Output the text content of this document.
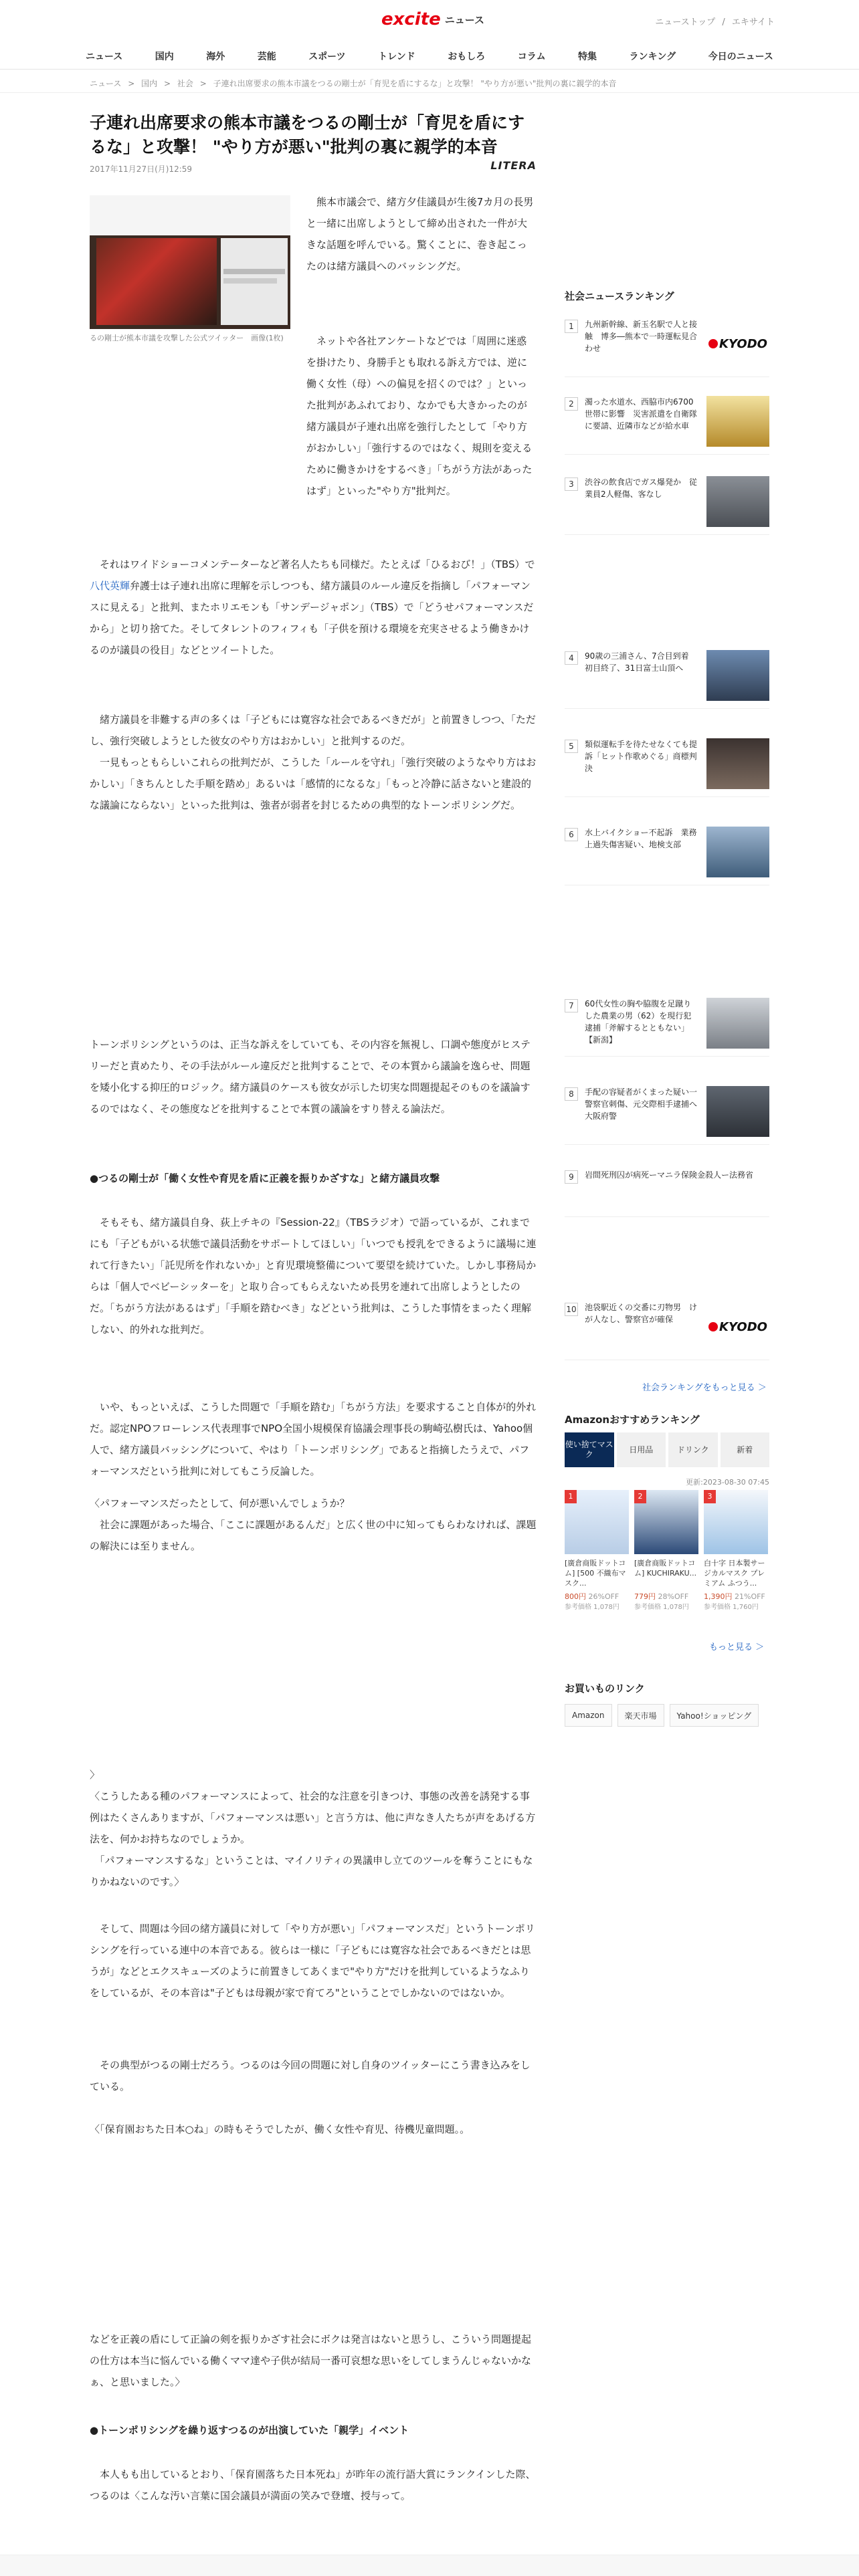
excite ニュース	ニューストップ / エキサイト
ニュース	国内	海外	芸能	スポーツ	トレンド	おもしろ	コラム	特集	ランキング	今日のニュース
ニュース > 国内 > 社会 > 子連れ出席要求の熊本市議をつるの剛士が「育児を盾にするな」と攻撃！ "やり方が悪い"批判の裏に親学的本音
子連れ出席要求の熊本市議をつるの剛士が「育児を盾にするな」と攻撃！ "やり方が悪い"批判の裏に親学的本音
2017年11月27日(月)12:59	LITERA
るの剛士が熊本市議を攻撃した公式ツイッター　画像(1枚)

　熊本市議会で、緒方夕佳議員が生後7カ月の長男と一緒に出席しようとして締め出された一件が大きな話題を呼んでいる。驚くことに、巻き起こったのは緒方議員へのバッシングだ。

　ネットや各社アンケートなどでは「周囲に迷惑を掛けたり、身勝手とも取れる訴え方では、逆に働く女性（母）への偏見を招くのでは？」といった批判があふれており、なかでも大きかったのが緒方議員が子連れ出席を強行したとして「やり方がおかしい」「強行するのではなく、規則を変えるために働きかけをするべき」「ちがう方法があったはず」といった"やり方"批判だ。

　それはワイドショーコメンテーターなど著名人たちも同様だ。たとえば「ひるおび！」（TBS）で八代英輝弁護士は子連れ出席に理解を示しつつも、緒方議員のルール違反を指摘し「パフォーマンスに見える」と批判、またホリエモンも「サンデージャポン」（TBS）で「どうせパフォーマンスだから」と切り捨てた。そしてタレントのフィフィも「子供を預ける環境を充実させるよう働きかけるのが議員の役目」などとツイートした。

　緒方議員を非難する声の多くは「子どもには寛容な社会であるべきだが」と前置きしつつ、「ただし、強行突破しようとした彼女のやり方はおかしい」と批判するのだ。
　一見もっともらしいこれらの批判だが、こうした「ルールを守れ」「強行突破のようなやり方はおかしい」「きちんとした手順を踏め」あるいは「感情的になるな」「もっと冷静に話さないと建設的な議論にならない」といった批判は、強者が弱者を封じるための典型的なトーンポリシングだ。

トーンポリシングというのは、正当な訴えをしていても、その内容を無視し、口調や態度がヒステリーだと責めたり、その手法がルール違反だと批判することで、その本質から議論を逸らせ、問題を矮小化する抑圧的ロジック。緒方議員のケースも彼女が示した切実な問題提起そのものを議論するのではなく、その態度などを批判することで本質の議論をすり替える論法だ。

●つるの剛士が「働く女性や育児を盾に正義を振りかざすな」と緒方議員攻撃

　そもそも、緒方議員自身、荻上チキの『Session-22』（TBSラジオ）で語っているが、これまでにも「子どもがいる状態で議員活動をサポートしてほしい」「いつでも授乳をできるように議場に連れて行きたい」「託児所を作れないか」と育児環境整備について要望を続けていた。しかし事務局からは「個人でベビーシッターを」と取り合ってもらえないため長男を連れて出席しようとしたのだ。「ちがう方法があるはず」「手順を踏むべき」などという批判は、こうした事情をまったく理解しない、的外れな批判だ。

　いや、もっといえば、こうした問題で「手順を踏む」「ちがう方法」を要求すること自体が的外れだ。認定NPOフローレンス代表理事でNPO全国小規模保育協議会理事長の駒崎弘樹氏は、Yahoo個人で、緒方議員バッシングについて、やはり「トーンポリシング」であると指摘したうえで、パフォーマンスだという批判に対してもこう反論した。

〈パフォーマンスだったとして、何が悪いんでしょうか？
　社会に課題があった場合、「ここに課題があるんだ」と広く世の中に知ってもらわなければ、課題の解決には至りません。

〉
〈こうしたある種のパフォーマンスによって、社会的な注意を引きつけ、事態の改善を誘発する事例はたくさんありますが、「パフォーマンスは悪い」と言う方は、他に声なき人たちが声をあげる方法を、何かお持ちなのでしょうか。
　「パフォーマンスするな」ということは、マイノリティの異議申し立てのツールを奪うことにもなりかねないのです。〉

　そして、問題は今回の緒方議員に対して「やり方が悪い」「パフォーマンスだ」というトーンポリシングを行っている連中の本音である。彼らは一様に「子どもには寛容な社会であるべきだとは思うが」などとエクスキューズのように前置きしてあくまで"やり方"だけを批判しているようなふりをしているが、その本音は"子どもは母親が家で育てろ"ということでしかないのではないか。

　その典型がつるの剛士だろう。つるのは今回の問題に対し自身のツイッターにこう書き込みをしている。

〈「保育園おちた日本○ね」の時もそうでしたが、働く女性や育児、待機児童問題。。

などを正義の盾にして正論の剣を振りかざす社会にボクは発言はないと思うし、こういう問題提起の仕方は本当に悩んでいる働くママ達や子供が結局一番可哀想な思いをしてしまうんじゃないかなぁ、と思いました。〉

●トーンポリシングを繰り返すつるのが出演していた「親学」イベント

　本人もも出しているとおり、「保育園落ちた日本死ね」が昨年の流行語大賞にランクインした際、つるのは〈こんな汚い言葉に国会議員が満面の笑みで登壇、授与って。

社会ニュースランキング
1	九州新幹線、新玉名駅で人と接触　博多―熊本で一時運転見合わせ	KYODO
2	濁った水道水、西脇市内6700世帯に影響　災害派遣を自衛隊に要請、近隣市などが給水車
3	渋谷の飲食店でガス爆発か　従業員2人軽傷、客なし
4	90歳の三浦さん、7合目到着　初目終了、31日富士山頂へ
5	類似運転手を待たせなくても提訴「ヒット作歌めぐる」商標判決
6	水上バイクショー不起訴　業務上過失傷害疑い、地検支部
7	60代女性の胸や脇腹を足蹴りした農業の男（62）を現行犯逮捕「斧解するとともない」【新潟】
8	手配の容疑者がくまった疑い一警察官刺傷、元交際相手逮捕へ大阪府警
9	岩間死刑囚が病死ーマニラ保険金殺人ー法務省
10 池袋駅近くの交番に刃物男　けが人なし、警察官が確保
KYODO
社会ランキングをもっと見る ＞
Amazonおすすめランキング
使い捨てマスク
日用品	ドリンク	新着
更新:2023-08-30 07:45
1
[廣倉商販ドットコム] [500 不織布マスク...
800円 26%OFF
参考価格 1,078円
2
[廣倉商販ドットコム] KUCHIRAKU...
779円 28%OFF
参考価格 1,078円
3
白十字 日本製サージカルマスク プレミアム ふつう...
1,390円 21%OFF
参考価格 1,760円
もっと見る ＞
お買いものリンク
Amazon	楽天市場	Yahoo!ショッピング
